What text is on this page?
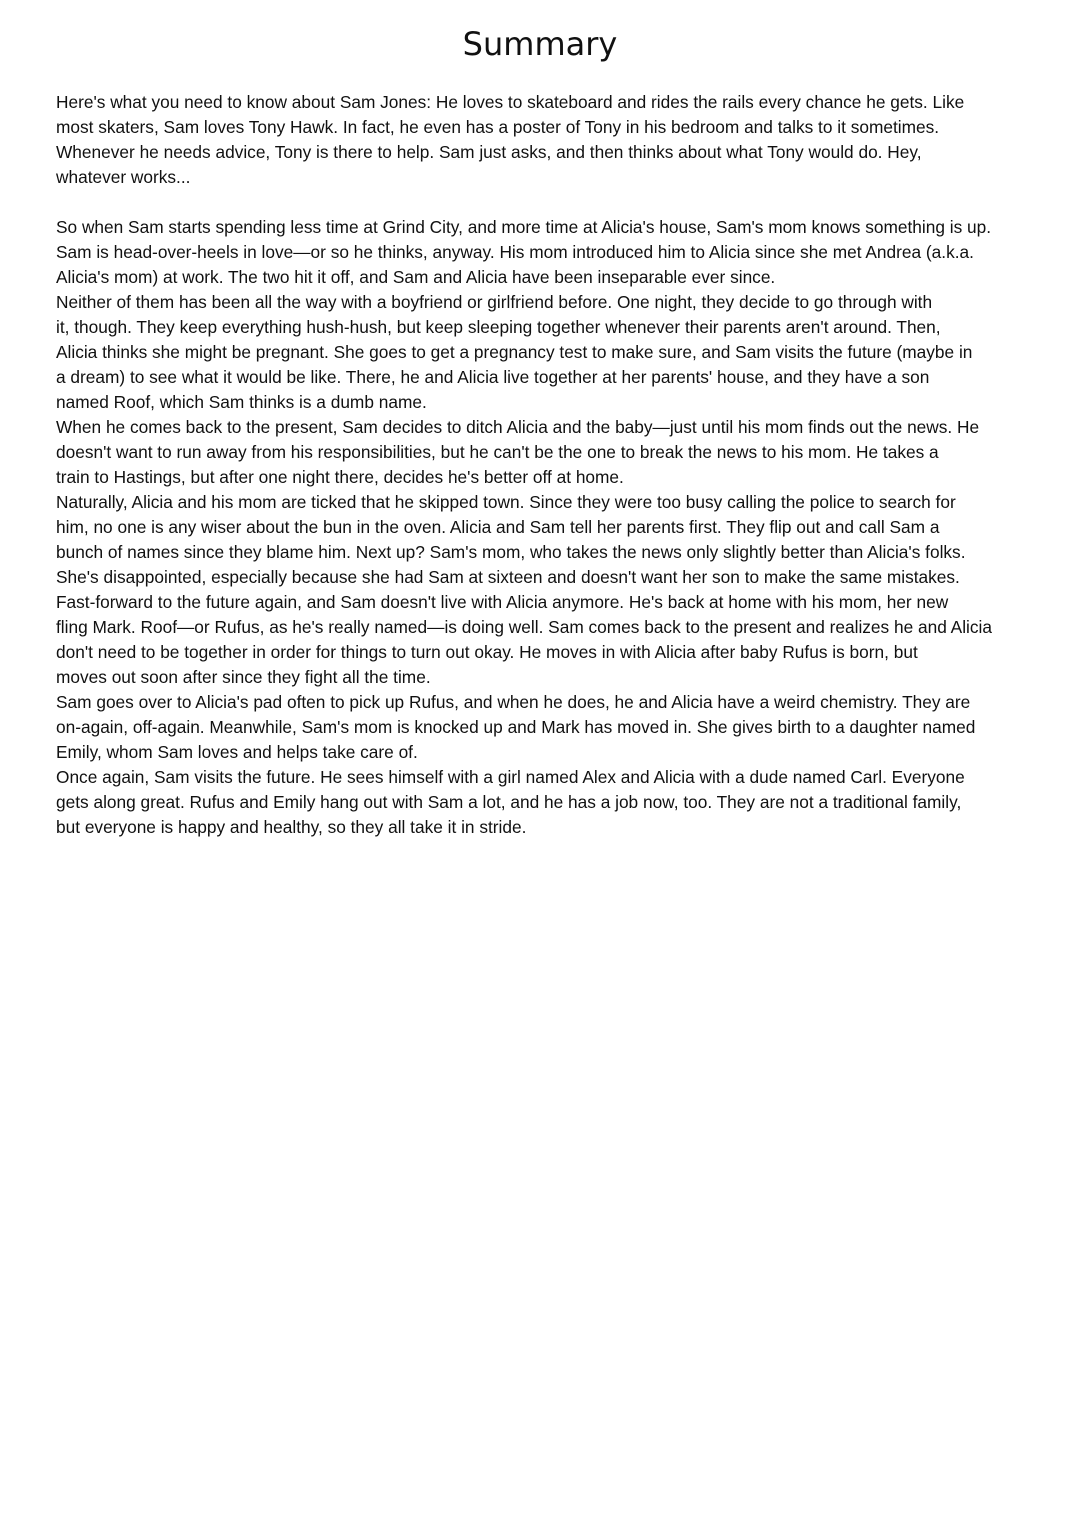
Summary
Here's what you need to know about Sam Jones: He loves to skateboard and rides the rails every chance he gets. Like
most skaters, Sam loves Tony Hawk. In fact, he even has a poster of Tony in his bedroom and talks to it sometimes.
Whenever he needs advice, Tony is there to help. Sam just asks, and then thinks about what Tony would do. Hey,
whatever works...
So when Sam starts spending less time at Grind City, and more time at Alicia's house, Sam's mom knows something is up.
Sam is head-over-heels in love—or so he thinks, anyway. His mom introduced him to Alicia since she met Andrea (a.k.a.
Alicia's mom) at work. The two hit it off, and Sam and Alicia have been inseparable ever since.
Neither of them has been all the way with a boyfriend or girlfriend before. One night, they decide to go through with
it, though. They keep everything hush-hush, but keep sleeping together whenever their parents aren't around. Then,
Alicia thinks she might be pregnant. She goes to get a pregnancy test to make sure, and Sam visits the future (maybe in
a dream) to see what it would be like. There, he and Alicia live together at her parents' house, and they have a son
named Roof, which Sam thinks is a dumb name.
When he comes back to the present, Sam decides to ditch Alicia and the baby—just until his mom finds out the news. He
doesn't want to run away from his responsibilities, but he can't be the one to break the news to his mom. He takes a
train to Hastings, but after one night there, decides he's better off at home.
Naturally, Alicia and his mom are ticked that he skipped town. Since they were too busy calling the police to search for
him, no one is any wiser about the bun in the oven. Alicia and Sam tell her parents first. They flip out and call Sam a
bunch of names since they blame him. Next up? Sam's mom, who takes the news only slightly better than Alicia's folks.
She's disappointed, especially because she had Sam at sixteen and doesn't want her son to make the same mistakes.
Fast-forward to the future again, and Sam doesn't live with Alicia anymore. He's back at home with his mom, her new
fling Mark. Roof—or Rufus, as he's really named—is doing well. Sam comes back to the present and realizes he and Alicia
don't need to be together in order for things to turn out okay. He moves in with Alicia after baby Rufus is born, but
moves out soon after since they fight all the time.
Sam goes over to Alicia's pad often to pick up Rufus, and when he does, he and Alicia have a weird chemistry. They are
on-again, off-again. Meanwhile, Sam's mom is knocked up and Mark has moved in. She gives birth to a daughter named
Emily, whom Sam loves and helps take care of.
Once again, Sam visits the future. He sees himself with a girl named Alex and Alicia with a dude named Carl. Everyone
gets along great. Rufus and Emily hang out with Sam a lot, and he has a job now, too. They are not a traditional family,
but everyone is happy and healthy, so they all take it in stride.
